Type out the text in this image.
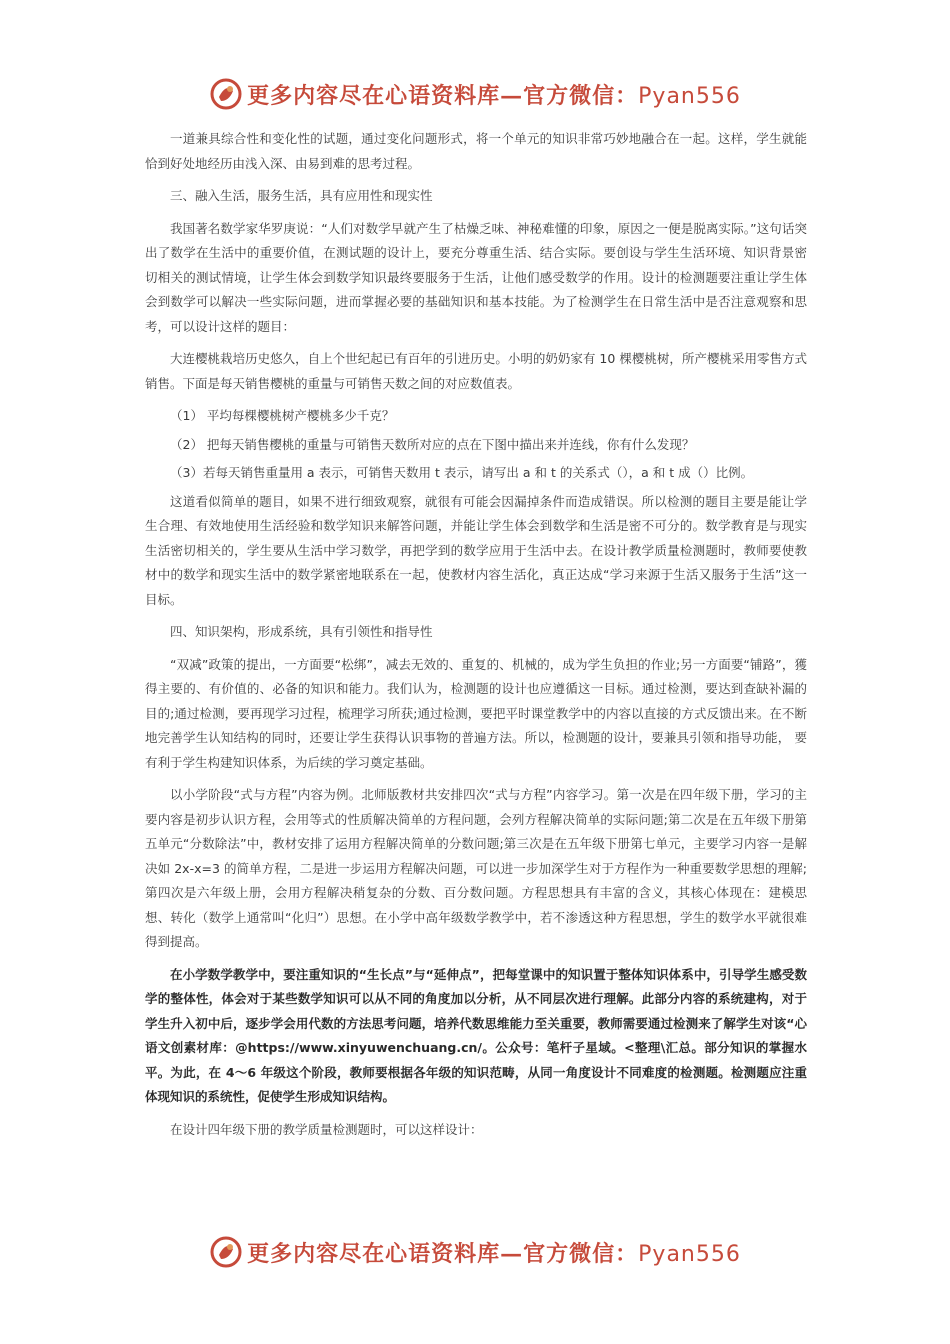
更多内容尽在心语资料库—官方微信：Pyan556

一道兼具综合性和变化性的试题，通过变化问题形式，将一个单元的知识非常巧妙地融合在一起。这样，学生就能恰到好处地经历由浅入深、由易到难的思考过程。

三、融入生活，服务生活，具有应用性和现实性

我国著名数学家华罗庚说：“人们对数学早就产生了枯燥乏味、神秘难懂的印象，原因之一便是脱离实际。”这句话突出了数学在生活中的重要价值，在测试题的设计上，要充分尊重生活、结合实际。要创设与学生生活环境、知识背景密切相关的测试情境，让学生体会到数学知识最终要服务于生活，让他们感受数学的作用。设计的检测题要注重让学生体会到数学可以解决一些实际问题，进而掌握必要的基础知识和基本技能。为了检测学生在日常生活中是否注意观察和思考，可以设计这样的题目：

大连樱桃栽培历史悠久，自上个世纪起已有百年的引进历史。小明的奶奶家有 10 棵樱桃树，所产樱桃采用零售方式销售。下面是每天销售樱桃的重量与可销售天数之间的对应数值表。

（1） 平均每棵樱桃树产樱桃多少千克？

（2） 把每天销售樱桃的重量与可销售天数所对应的点在下图中描出来并连线，你有什么发现？

（3）若每天销售重量用 a 表示，可销售天数用 t 表示，请写出 a 和 t 的关系式（），a 和 t 成（）比例。

这道看似简单的题目，如果不进行细致观察，就很有可能会因漏掉条件而造成错误。所以检测的题目主要是能让学生合理、有效地使用生活经验和数学知识来解答问题，并能让学生体会到数学和生活是密不可分的。数学教育是与现实生活密切相关的，学生要从生活中学习数学，再把学到的数学应用于生活中去。在设计教学质量检测题时，教师要使教材中的数学和现实生活中的数学紧密地联系在一起，使教材内容生活化，真正达成“学习来源于生活又服务于生活”这一目标。

四、知识架构，形成系统，具有引领性和指导性

“双减”政策的提出，一方面要“松绑”，减去无效的、重复的、机械的，成为学生负担的作业;另一方面要“铺路”，獲得主要的、有价值的、必备的知识和能力。我们认为，检测题的设计也应遵循这一目标。通过检测，要达到查缺补漏的目的;通过检测，要再现学习过程，梳理学习所获;通过检测，要把平时课堂教学中的内容以直接的方式反馈出来。在不断地完善学生认知结构的同时，还要让学生获得认识事物的普遍方法。所以，检测题的设计，要兼具引领和指导功能， 要有利于学生构建知识体系，为后续的学习奠定基础。

以小学阶段“式与方程”内容为例。北师版教材共安排四次“式与方程”内容学习。第一次是在四年级下册，学习的主要内容是初步认识方程，会用等式的性质解决简单的方程问题，会列方程解决简单的实际问题;第二次是在五年级下册第五单元“分数除法”中，教材安排了运用方程解决简单的分数问题;第三次是在五年级下册第七单元，主要学习内容一是解决如 2x-x=3 的简单方程，二是进一步运用方程解决问题，可以进一步加深学生对于方程作为一种重要数学思想的理解;第四次是六年级上册，会用方程解决稍复杂的分数、百分数问题。方程思想具有丰富的含义，其核心体现在：建模思想、转化（数学上通常叫“化归”）思想。在小学中高年级数学教学中，若不渗透这种方程思想，学生的数学水平就很难得到提高。

在小学数学教学中，要注重知识的“生长点”与“延伸点”，把每堂课中的知识置于整体知识体系中，引导学生感受数学的整体性，体会对于某些数学知识可以从不同的角度加以分析，从不同层次进行理解。此部分内容的系统建构，对于学生升入初中后，逐步学会用代数的方法思考问题，培养代数思维能力至关重要，教师需要通过检测来了解学生对该“心语文创素材库：@https://www.xinyuwenchuang.cn/。公众号：笔杆子星域。<整理\汇总。部分知识的掌握水平。为此，在 4～6 年级这个阶段，教师要根据各年级的知识范畴，从同一角度设计不同难度的检测题。检测题应注重体现知识的系统性，促使学生形成知识结构。

在设计四年级下册的教学质量检测题时，可以这样设计：

更多内容尽在心语资料库—官方微信：Pyan556
